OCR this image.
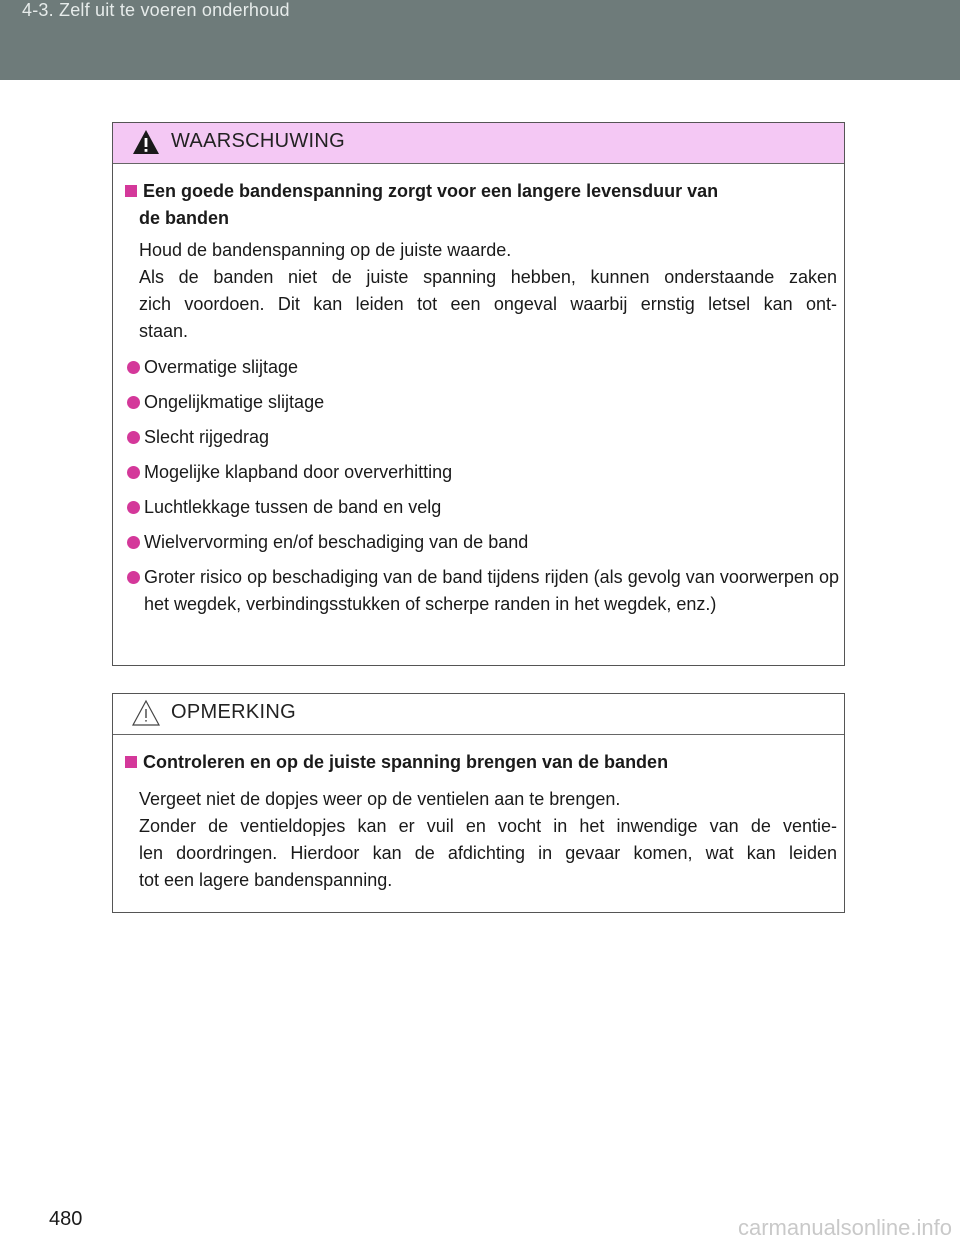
4-3. Zelf uit te voeren onderhoud
WAARSCHUWING
Een goede bandenspanning zorgt voor een langere levensduur van
de banden
Houd de bandenspanning op de juiste waarde.
Als de banden niet de juiste spanning hebben, kunnen onderstaande zaken
zich voordoen. Dit kan leiden tot een ongeval waarbij ernstig letsel kan ont-
staan.
Overmatige slijtage
Ongelijkmatige slijtage
Slecht rijgedrag
Mogelijke klapband door oververhitting
Luchtlekkage tussen de band en velg
Wielvervorming en/of beschadiging van de band
Groter risico op beschadiging van de band tijdens rijden (als gevolg van voorwerpen op het wegdek, verbindingsstukken of scherpe randen in het wegdek, enz.)
OPMERKING
Controleren en op de juiste spanning brengen van de banden
Vergeet niet de dopjes weer op de ventielen aan te brengen.
Zonder de ventieldopjes kan er vuil en vocht in het inwendige van de ventie-
len doordringen. Hierdoor kan de afdichting in gevaar komen, wat kan leiden
tot een lagere bandenspanning.
480	carmanualsonline.info
